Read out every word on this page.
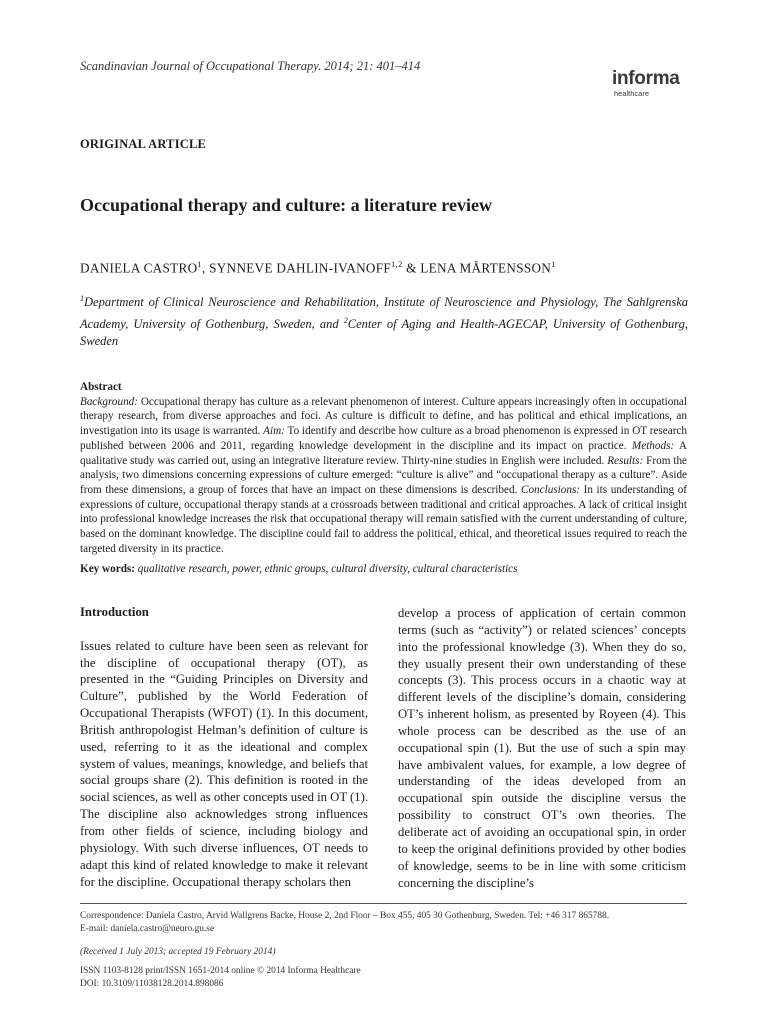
Scandinavian Journal of Occupational Therapy. 2014; 21: 401–414
informa
healthcare
ORIGINAL ARTICLE
Occupational therapy and culture: a literature review
DANIELA CASTRO$^1$, SYNNEVE DAHLIN-IVANOFF$^{1,2}$ & LENA MÅRTENSSON$^1$
$^1$Department of Clinical Neuroscience and Rehabilitation, Institute of Neuroscience and Physiology, The Sahlgrenska Academy, University of Gothenburg, Sweden, and $^2$Center of Aging and Health-AGECAP, University of Gothenburg, Sweden
Abstract
Background: Occupational therapy has culture as a relevant phenomenon of interest. Culture appears increasingly often in occupational therapy research, from diverse approaches and foci. As culture is difficult to define, and has political and ethical implications, an investigation into its usage is warranted. Aim: To identify and describe how culture as a broad phenomenon is expressed in OT research published between 2006 and 2011, regarding knowledge development in the discipline and its impact on practice. Methods: A qualitative study was carried out, using an integrative literature review. Thirty-nine studies in English were included. Results: From the analysis, two dimensions concerning expressions of culture emerged: “culture is alive” and “occupational therapy as a culture”. Aside from these dimensions, a group of forces that have an impact on these dimensions is described. Conclusions: In its understanding of expressions of culture, occupational therapy stands at a crossroads between traditional and critical approaches. A lack of critical insight into professional knowledge increases the risk that occupational therapy will remain satisfied with the current understanding of culture, based on the dominant knowledge. The discipline could fail to address the political, ethical, and theoretical issues required to reach the targeted diversity in its practice.
Key words: qualitative research, power, ethnic groups, cultural diversity, cultural characteristics
Introduction
Issues related to culture have been seen as relevant for the discipline of occupational therapy (OT), as presented in the “Guiding Principles on Diversity and Culture”, published by the World Federation of Occupational Therapists (WFOT) (1). In this document, British anthropologist Helman’s definition of culture is used, referring to it as the ideational and complex system of values, meanings, knowledge, and beliefs that social groups share (2). This definition is rooted in the social sciences, as well as other concepts used in OT (1). The discipline also acknowledges strong influences from other fields of science, including biology and physiology. With such diverse influences, OT needs to adapt this kind of related knowledge to make it relevant for the discipline. Occupational therapy scholars then
develop a process of application of certain common terms (such as “activity”) or related sciences’ concepts into the professional knowledge (3). When they do so, they usually present their own understanding of these concepts (3). This process occurs in a chaotic way at different levels of the discipline’s domain, considering OT’s inherent holism, as presented by Royeen (4). This whole process can be described as the use of an occupational spin (1). But the use of such a spin may have ambivalent values, for example, a low degree of understanding of the ideas developed from an occupational spin outside the discipline versus the possibility to construct OT’s own theories. The deliberate act of avoiding an occupational spin, in order to keep the original definitions provided by other bodies of knowledge, seems to be in line with some criticism concerning the discipline’s
Correspondence: Daniela Castro, Arvid Wallgrens Backe, House 2, 2nd Floor – Box 455, 405 30 Gothenburg, Sweden. Tel: +46 317 865788.
E-mail: daniela.castro@neuro.gu.se
(Received 1 July 2013; accepted 19 February 2014)
ISSN 1103-8128 print/ISSN 1651-2014 online © 2014 Informa Healthcare
DOI: 10.3109/11038128.2014.898086
